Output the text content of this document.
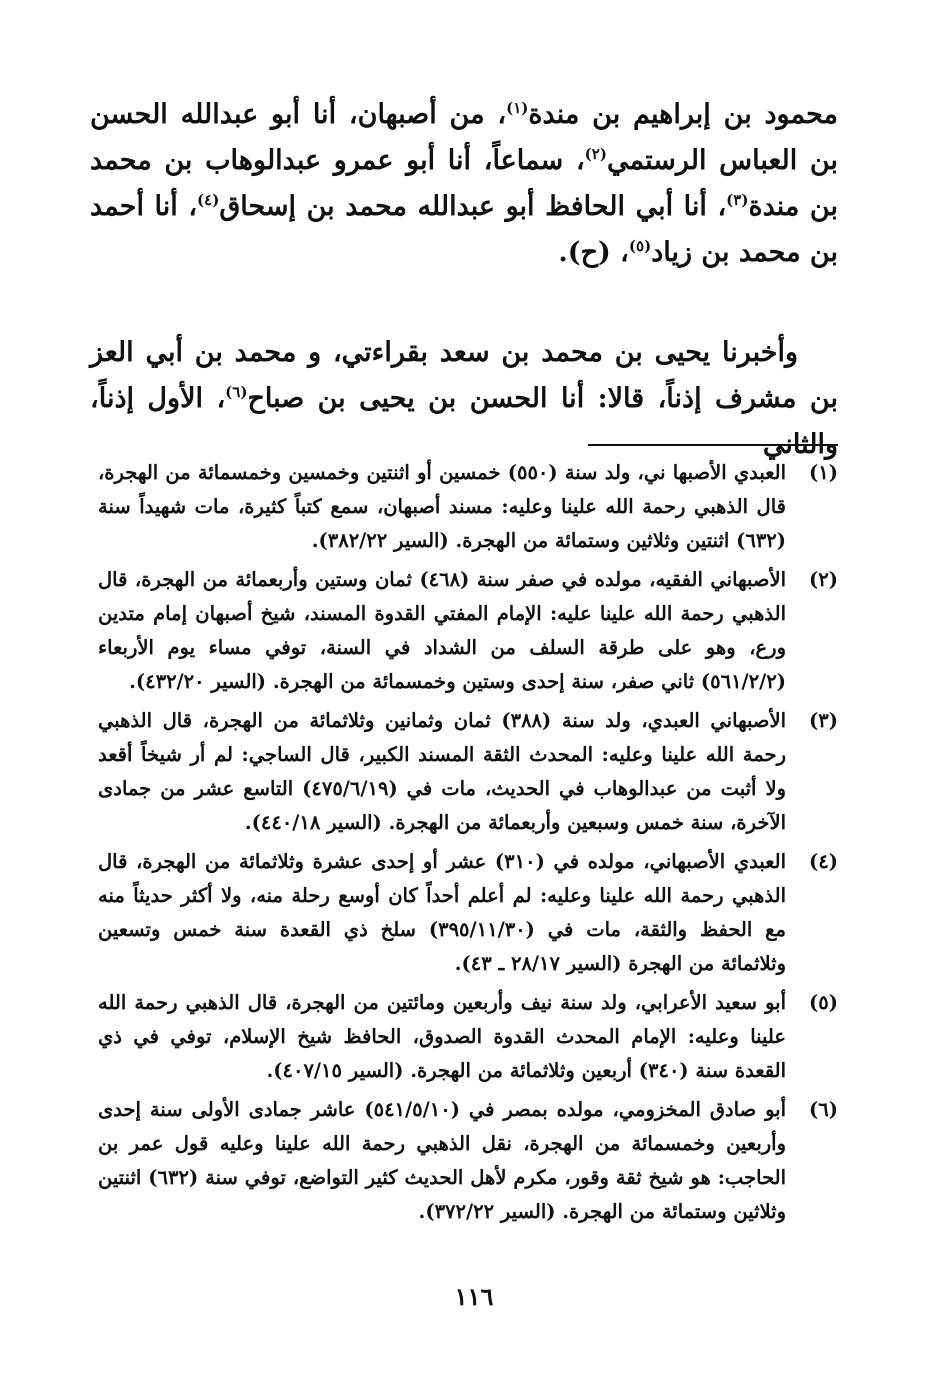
محمود بن إبراهيم بن مندة$^{(١)}$، من أصبهان، أنا أبو عبدالله الحسن بن العباس الرستمي$^{(٢)}$، سماعاً، أنا أبو عمرو عبدالوهاب بن محمد بن مندة$^{(٣)}$، أنا أبي الحافظ أبو عبدالله محمد بن إسحاق$^{(٤)}$، أنا أحمد بن محمد بن زياد$^{(٥)}$، (ح).

وأخبرنا يحيى بن محمد بن سعد بقراءتي، و محمد بن أبي العز بن مشرف إذناً، قالا: أنا الحسن بن يحيى بن صباح$^{(٦)}$، الأول إذناً، والثاني

(١)
العبدي الأصبها ني، ولد سنة (٥٥٠) خمسين أو اثنتين وخمسين وخمسمائة من الهجرة، قال الذهبي رحمة الله علينا وعليه: مسند أصبهان، سمع كتباً كثيرة، مات شهيداً سنة (٦٣٢) اثنتين وثلاثين وستمائة من الهجرة. (السير ٣٨٢/٢٢).
(٢)
الأصبهاني الفقيه، مولده في صفر سنة (٤٦٨) ثمان وستين وأربعمائة من الهجرة، قال الذهبي رحمة الله علينا عليه: الإمام المفتي القدوة المسند، شيخ أصبهان إمام متدين ورع، وهو على طرقة السلف من الشداد في السنة، توفي مساء يوم الأربعاء (٥٦١/٢/٢) ثاني صفر، سنة إحدى وستين وخمسمائة من الهجرة. (السير ٤٣٢/٢٠).
(٣)
الأصبهاني العبدي، ولد سنة (٣٨٨) ثمان وثمانين وثلاثمائة من الهجرة، قال الذهبي رحمة الله علينا وعليه: المحدث الثقة المسند الكبير، قال الساجي: لم أر شيخاً أقعد ولا أثبت من عبدالوهاب في الحديث، مات في (٤٧٥/٦/١٩) التاسع عشر من جمادى الآخرة، سنة خمس وسبعين وأربعمائة من الهجرة. (السير ٤٤٠/١٨).
(٤)
العبدي الأصبهاني، مولده في (٣١٠) عشر أو إحدى عشرة وثلاثمائة من الهجرة، قال الذهبي رحمة الله علينا وعليه: لم أعلم أحداً كان أوسع رحلة منه، ولا أكثر حديثاً منه مع الحفظ والثقة، مات في (٣٩٥/١١/٣٠) سلخ ذي القعدة سنة خمس وتسعين وثلاثمائة من الهجرة (السير ٢٨/١٧ ـ ٤٣).
(٥)
أبو سعيد الأعرابي، ولد سنة نيف وأربعين ومائتين من الهجرة، قال الذهبي رحمة الله علينا وعليه: الإمام المحدث القدوة الصدوق، الحافظ شيخ الإسلام، توفي في ذي القعدة سنة (٣٤٠) أربعين وثلاثمائة من الهجرة. (السير ٤٠٧/١٥).
(٦)
أبو صادق المخزومي، مولده بمصر في (٥٤١/٥/١٠) عاشر جمادى الأولى سنة إحدى وأربعين وخمسمائة من الهجرة، نقل الذهبي رحمة الله علينا وعليه قول عمر بن الحاجب: هو شيخ ثقة وقور، مكرم لأهل الحديث كثير التواضع، توفي سنة (٦٣٢) اثنتين وثلاثين وستمائة من الهجرة. (السير ٣٧٢/٢٢).
١١٦
